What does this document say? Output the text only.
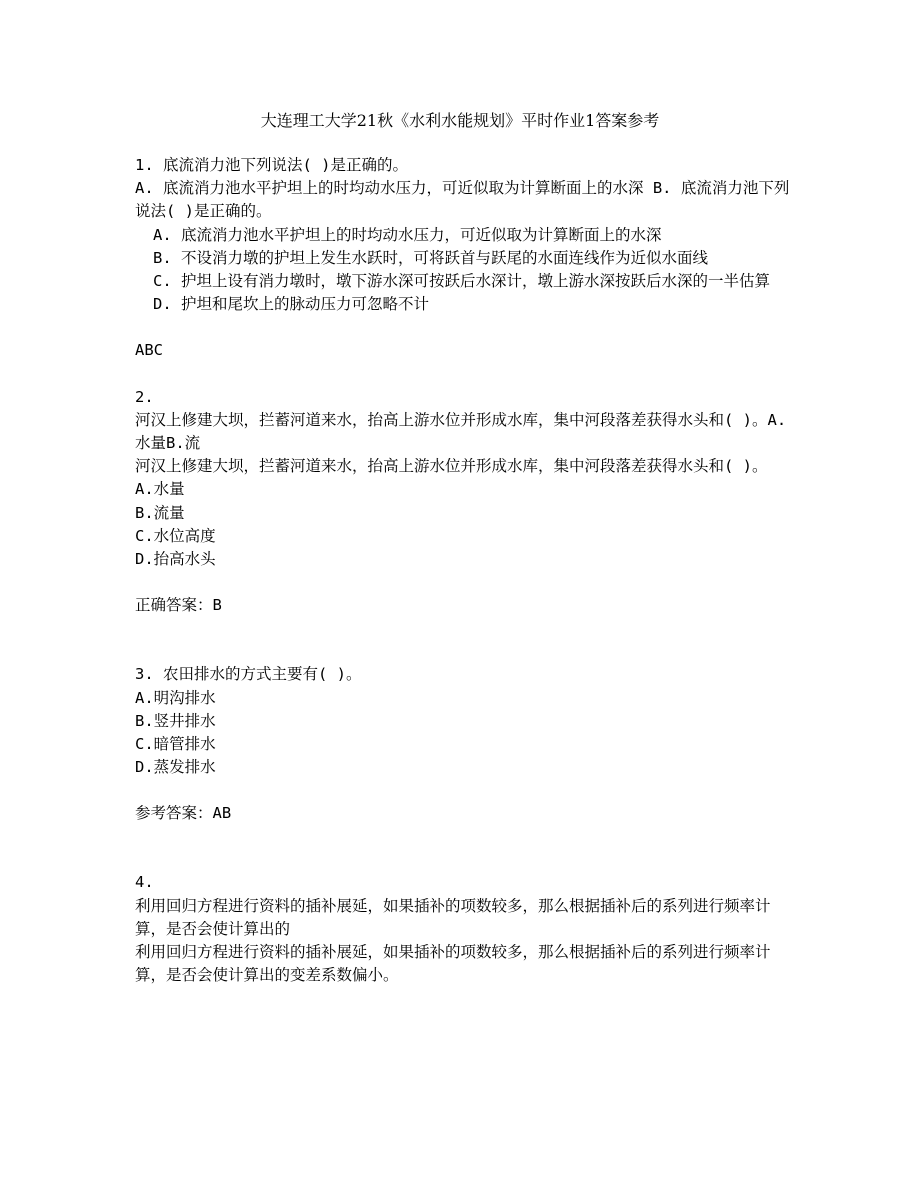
大连理工大学21秋《水利水能规划》平时作业1答案参考
1. 底流消力池下列说法( )是正确的。
A. 底流消力池水平护坦上的时均动水压力，可近似取为计算断面上的水深 B. 底流消力池下列说法( )是正确的。
A. 底流消力池水平护坦上的时均动水压力，可近似取为计算断面上的水深
B. 不设消力墩的护坦上发生水跃时，可将跃首与跃尾的水面连线作为近似水面线
C. 护坦上设有消力墩时，墩下游水深可按跃后水深计，墩上游水深按跃后水深的一半估算
D. 护坦和尾坎上的脉动压力可忽略不计
ABC
2.
河汉上修建大坝，拦蓄河道来水，抬高上游水位并形成水库，集中河段落差获得水头和( )。A.水量B.流
河汉上修建大坝，拦蓄河道来水，抬高上游水位并形成水库，集中河段落差获得水头和( )。
A.水量
B.流量
C.水位高度
D.抬高水头
正确答案：B
3. 农田排水的方式主要有( )。
A.明沟排水
B.竖井排水
C.暗管排水
D.蒸发排水
参考答案：AB
4.
利用回归方程进行资料的插补展延，如果插补的项数较多，那么根据插补后的系列进行频率计算，是否会使计算出的
利用回归方程进行资料的插补展延，如果插补的项数较多，那么根据插补后的系列进行频率计算，是否会使计算出的变差系数偏小。
